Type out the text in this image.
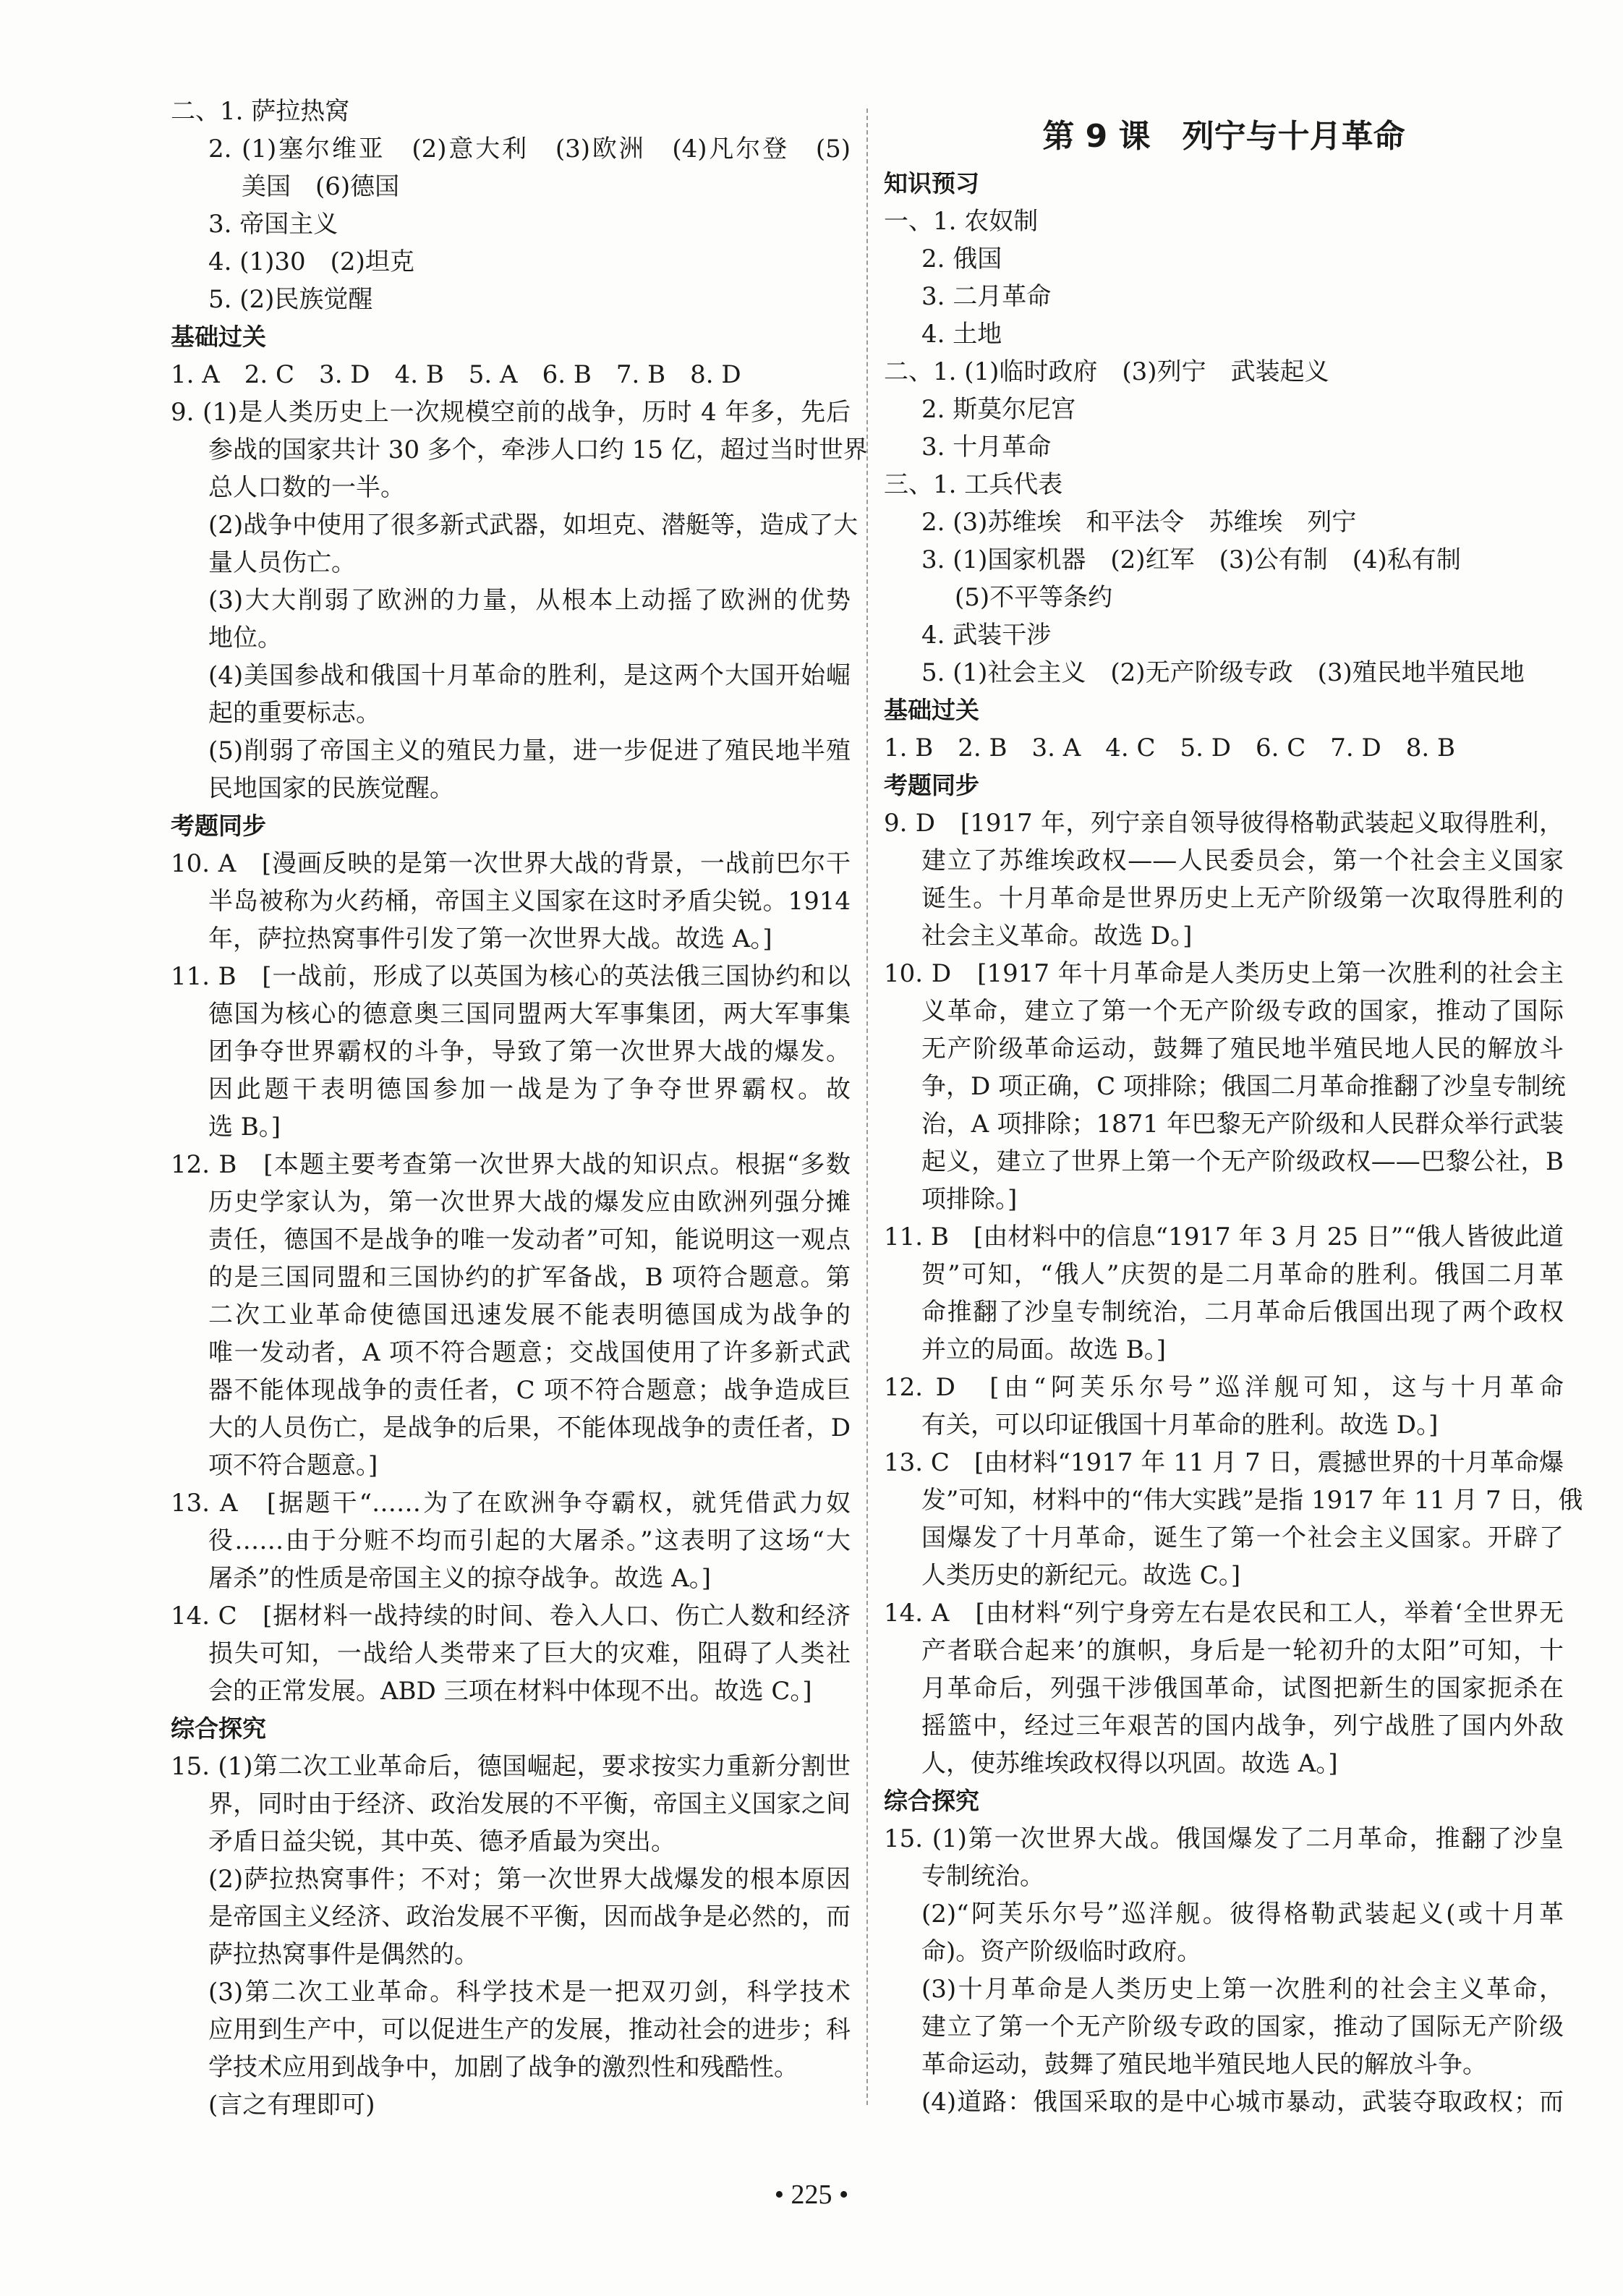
二、1. 萨拉热窝
2. (1)塞尔维亚　(2)意大利　(3)欧洲　(4)凡尔登　(5)
美国　(6)德国
3. 帝国主义
4. (1)30　(2)坦克
5. (2)民族觉醒
基础过关
1. A　2. C　3. D　4. B　5. A　6. B　7. B　8. D
9. (1)是人类历史上一次规模空前的战争，历时 4 年多，先后
参战的国家共计 30 多个，牵涉人口约 15 亿，超过当时世界
总人口数的一半。
(2)战争中使用了很多新式武器，如坦克、潜艇等，造成了大
量人员伤亡。
(3)大大削弱了欧洲的力量，从根本上动摇了欧洲的优势
地位。
(4)美国参战和俄国十月革命的胜利，是这两个大国开始崛
起的重要标志。
(5)削弱了帝国主义的殖民力量，进一步促进了殖民地半殖
民地国家的民族觉醒。
考题同步
10. A　[漫画反映的是第一次世界大战的背景，一战前巴尔干
半岛被称为火药桶，帝国主义国家在这时矛盾尖锐。1914
年，萨拉热窝事件引发了第一次世界大战。故选 A。]
11. B　[一战前，形成了以英国为核心的英法俄三国协约和以
德国为核心的德意奥三国同盟两大军事集团，两大军事集
团争夺世界霸权的斗争，导致了第一次世界大战的爆发。
因此题干表明德国参加一战是为了争夺世界霸权。故
选 B。]
12. B　[本题主要考查第一次世界大战的知识点。根据“多数
历史学家认为，第一次世界大战的爆发应由欧洲列强分摊
责任，德国不是战争的唯一发动者”可知，能说明这一观点
的是三国同盟和三国协约的扩军备战，B 项符合题意。第
二次工业革命使德国迅速发展不能表明德国成为战争的
唯一发动者，A 项不符合题意；交战国使用了许多新式武
器不能体现战争的责任者，C 项不符合题意；战争造成巨
大的人员伤亡，是战争的后果，不能体现战争的责任者，D
项不符合题意。]
13. A　[据题干“……为了在欧洲争夺霸权，就凭借武力奴
役……由于分赃不均而引起的大屠杀。”这表明了这场“大
屠杀”的性质是帝国主义的掠夺战争。故选 A。]
14. C　[据材料一战持续的时间、卷入人口、伤亡人数和经济
损失可知，一战给人类带来了巨大的灾难，阻碍了人类社
会的正常发展。ABD 三项在材料中体现不出。故选 C。]
综合探究
15. (1)第二次工业革命后，德国崛起，要求按实力重新分割世
界，同时由于经济、政治发展的不平衡，帝国主义国家之间
矛盾日益尖锐，其中英、德矛盾最为突出。
(2)萨拉热窝事件；不对；第一次世界大战爆发的根本原因
是帝国主义经济、政治发展不平衡，因而战争是必然的，而
萨拉热窝事件是偶然的。
(3)第二次工业革命。科学技术是一把双刃剑，科学技术
应用到生产中，可以促进生产的发展，推动社会的进步；科
学技术应用到战争中，加剧了战争的激烈性和残酷性。
(言之有理即可)
第 9 课　列宁与十月革命
知识预习
一、1. 农奴制
2. 俄国
3. 二月革命
4. 土地
二、1. (1)临时政府　(3)列宁　武装起义
2. 斯莫尔尼宫
3. 十月革命
三、1. 工兵代表
2. (3)苏维埃　和平法令　苏维埃　列宁
3. (1)国家机器　(2)红军　(3)公有制　(4)私有制
(5)不平等条约
4. 武装干涉
5. (1)社会主义　(2)无产阶级专政　(3)殖民地半殖民地
基础过关
1. B　2. B　3. A　4. C　5. D　6. C　7. D　8. B
考题同步
9. D　[1917 年，列宁亲自领导彼得格勒武装起义取得胜利，
建立了苏维埃政权——人民委员会，第一个社会主义国家
诞生。十月革命是世界历史上无产阶级第一次取得胜利的
社会主义革命。故选 D。]
10. D　[1917 年十月革命是人类历史上第一次胜利的社会主
义革命，建立了第一个无产阶级专政的国家，推动了国际
无产阶级革命运动，鼓舞了殖民地半殖民地人民的解放斗
争，D 项正确，C 项排除；俄国二月革命推翻了沙皇专制统
治，A 项排除；1871 年巴黎无产阶级和人民群众举行武装
起义，建立了世界上第一个无产阶级政权——巴黎公社，B
项排除。]
11. B　[由材料中的信息“1917 年 3 月 25 日”“俄人皆彼此道
贺”可知，“俄人”庆贺的是二月革命的胜利。俄国二月革
命推翻了沙皇专制统治，二月革命后俄国出现了两个政权
并立的局面。故选 B。]
12. D　[由“阿芙乐尔号”巡洋舰可知，这与十月革命
有关，可以印证俄国十月革命的胜利。故选 D。]
13. C　[由材料“1917 年 11 月 7 日，震撼世界的十月革命爆
发”可知，材料中的“伟大实践”是指 1917 年 11 月 7 日，俄
国爆发了十月革命，诞生了第一个社会主义国家。开辟了
人类历史的新纪元。故选 C。]
14. A　[由材料“列宁身旁左右是农民和工人，举着‘全世界无
产者联合起来’的旗帜，身后是一轮初升的太阳”可知，十
月革命后，列强干涉俄国革命，试图把新生的国家扼杀在
摇篮中，经过三年艰苦的国内战争，列宁战胜了国内外敌
人，使苏维埃政权得以巩固。故选 A。]
综合探究
15. (1)第一次世界大战。俄国爆发了二月革命，推翻了沙皇
专制统治。
(2)“阿芙乐尔号”巡洋舰。彼得格勒武装起义(或十月革
命)。资产阶级临时政府。
(3)十月革命是人类历史上第一次胜利的社会主义革命，
建立了第一个无产阶级专政的国家，推动了国际无产阶级
革命运动，鼓舞了殖民地半殖民地人民的解放斗争。
(4)道路：俄国采取的是中心城市暴动，武装夺取政权；而
• 225 •
